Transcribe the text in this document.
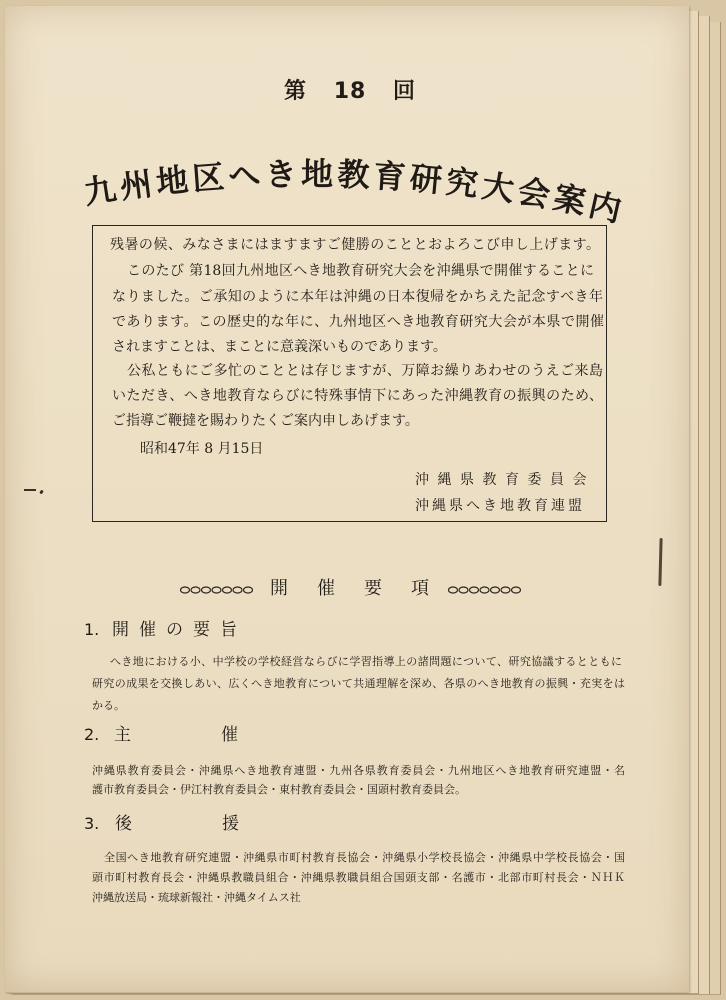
第 18 回
九州地区へき地教育研究大会案内
残暑の候、みなさまにはますますご健勝のこととおよろこび申し上げます。
このたび 第18回九州地区へき地教育研究大会を沖縄県で開催することに
なりました。ご承知のように本年は沖縄の日本復帰をかちえた記念すべき年
であります。この歴史的な年に、九州地区へき地教育研究大会が本県で開催
されますことは、まことに意義深いものであります。
公私ともにご多忙のこととは存じますが、万障お繰りあわせのうえご来島
いただき、へき地教育ならびに特殊事情下にあった沖縄教育の振興のため、
ご指導ご鞭撻を賜わりたくご案内申しあげます。
昭和47年 8 月15日
沖縄県教育委員会
沖縄県へき地教育連盟
開催要項
1. 開催の要旨
へき地における小、中学校の学校経営ならびに学習指導上の諸問題について、研究協議するとともに
研究の成果を交換しあい、広くへき地教育について共通理解を深め、各県のへき地教育の振興・充実をは
かる。
2. 主催
沖縄県教育委員会・沖縄県へき地教育連盟・九州各県教育委員会・九州地区へき地教育研究連盟・名
護市教育委員会・伊江村教育委員会・東村教育委員会・国頭村教育委員会。
3. 後援
全国へき地教育研究連盟・沖縄県市町村教育長協会・沖縄県小学校長協会・沖縄県中学校長協会・国
頭市町村教育長会・沖縄県教職員組合・沖縄県教職員組合国頭支部・名護市・北部市町村長会・ＮＨＫ
沖縄放送局・琉球新報社・沖縄タイムス社
